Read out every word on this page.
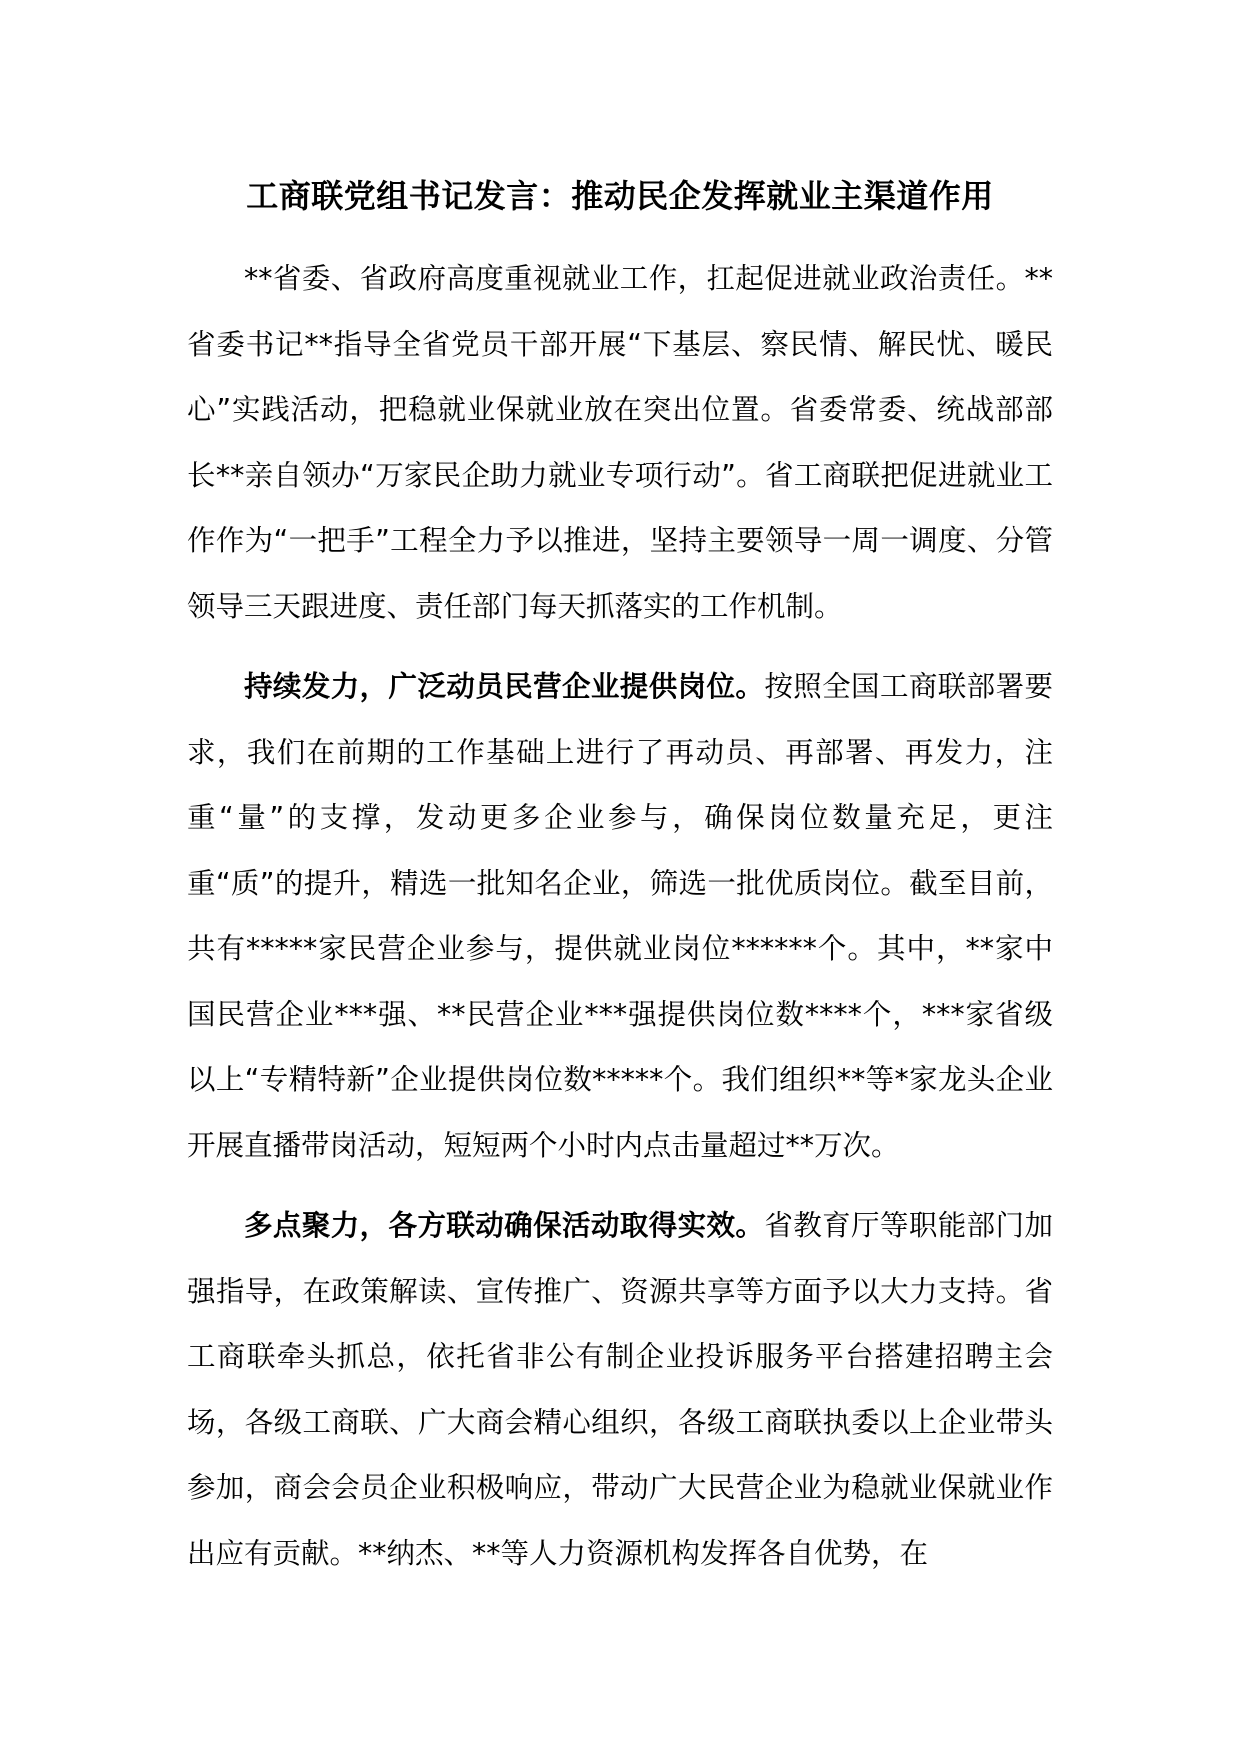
工商联党组书记发言：推动民企发挥就业主渠道作用

**省委、省政府高度重视就业工作，扛起促进就业政治责任。**省委书记**指导全省党员干部开展“下基层、察民情、解民忧、暖民心”实践活动，把稳就业保就业放在突出位置。省委常委、统战部部长**亲自领办“万家民企助力就业专项行动”。省工商联把促进就业工作作为“一把手”工程全力予以推进，坚持主要领导一周一调度、分管领导三天跟进度、责任部门每天抓落实的工作机制。

持续发力，广泛动员民营企业提供岗位。按照全国工商联部署要求，我们在前期的工作基础上进行了再动员、再部署、再发力，注重“量”的支撑，发动更多企业参与，确保岗位数量充足，更注重“质”的提升，精选一批知名企业，筛选一批优质岗位。截至目前，共有*****家民营企业参与，提供就业岗位******个。其中，**家中国民营企业***强、**民营企业***强提供岗位数****个，***家省级以上“专精特新”企业提供岗位数*****个。我们组织**等*家龙头企业开展直播带岗活动，短短两个小时内点击量超过**万次。

多点聚力，各方联动确保活动取得实效。省教育厅等职能部门加强指导，在政策解读、宣传推广、资源共享等方面予以大力支持。省工商联牵头抓总，依托省非公有制企业投诉服务平台搭建招聘主会场，各级工商联、广大商会精心组织，各级工商联执委以上企业带头参加，商会会员企业积极响应，带动广大民营企业为稳就业保就业作出应有贡献。**纳杰、**等人力资源机构发挥各自优势，在
